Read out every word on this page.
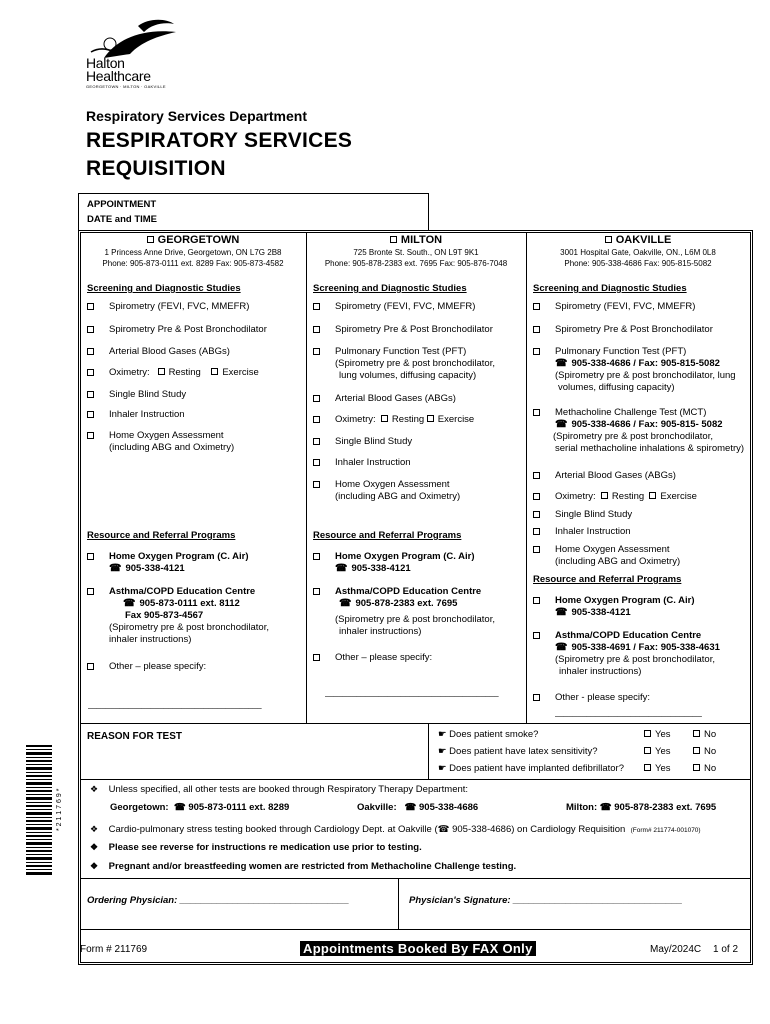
Halton
Healthcare
GEORGETOWN · MILTON · OAKVILLE
Respiratory Services Department
RESPIRATORY SERVICES
REQUISITION
APPOINTMENT
DATE and TIME
GEORGETOWN
1 Princess Anne Drive, Georgetown, ON L7G 2B8
Phone: 905-873-0111 ext. 8289 Fax: 905-873-4582
Screening and Diagnostic Studies
Spirometry (FEVI, FVC, MMEFR)
Spirometry Pre & Post Bronchodilator
Arterial Blood Gases (ABGs)
Oximetry: Resting Exercise
Single Blind Study
Inhaler Instruction
Home Oxygen Assessment
(including ABG and Oximetry)
Resource and Referral Programs
Home Oxygen Program (C. Air)
☎ 905-338-4121
Asthma/COPD Education Centre
☎ 905-873-0111 ext. 8112
Fax 905-873-4567
(Spirometry pre & post bronchodilator,
inhaler instructions)
Other – please specify:
_______________________________________
MILTON
725 Bronte St. South., ON L9T 9K1
Phone: 905-878-2383 ext. 7695 Fax: 905-876-7048
Screening and Diagnostic Studies
Spirometry (FEVI, FVC, MMEFR)
Spirometry Pre & Post Bronchodilator
Pulmonary Function Test (PFT)
(Spirometry pre & post bronchodilator,
lung volumes, diffusing capacity)
Arterial Blood Gases (ABGs)
Oximetry: Resting Exercise
Single Blind Study
Inhaler Instruction
Home Oxygen Assessment
(including ABG and Oximetry)
Resource and Referral Programs
Home Oxygen Program (C. Air)
☎ 905-338-4121
Asthma/COPD Education Centre
☎ 905-878-2383 ext. 7695
(Spirometry pre & post bronchodilator,
inhaler instructions)
Other – please specify:
_______________________________________
OAKVILLE
3001 Hospital Gate, Oakville, ON., L6M 0L8
Phone: 905-338-4686 Fax: 905-815-5082
Screening and Diagnostic Studies
Spirometry (FEVI, FVC, MMEFR)
Spirometry Pre & Post Bronchodilator
Pulmonary Function Test (PFT)
☎ 905-338-4686 / Fax: 905-815-5082
(Spirometry pre & post bronchodilator, lung
volumes, diffusing capacity)
Methacholine Challenge Test (MCT)
☎ 905-338-4686 / Fax: 905-815- 5082
(Spirometry pre & post bronchodilator,
serial methacholine inhalations & spirometry)
Arterial Blood Gases (ABGs)
Oximetry: Resting Exercise
Single Blind Study
Inhaler Instruction
Home Oxygen Assessment
(including ABG and Oximetry)
Resource and Referral Programs
Home Oxygen Program (C. Air)
☎ 905-338-4121
Asthma/COPD Education Centre
☎ 905-338-4691 / Fax: 905-338-4631
(Spirometry pre & post bronchodilator,
inhaler instructions)
Other - please specify:
_________________________________
REASON FOR TEST	☛ Does patient smoke?	Yes	No
☛ Does patient have latex sensitivity?	Yes	No
☛ Does patient have implanted defibrillator?	Yes	No
❖ Unless specified, all other tests are booked through Respiratory Therapy Department:
Georgetown: ☎ 905-873-0111 ext. 8289	Oakville: ☎ 905-338-4686	Milton: ☎ 905-878-2383 ext. 7695
❖ Cardio-pulmonary stress testing booked through Cardiology Dept. at Oakville (☎ 905-338-4686) on Cardiology Requisition (Form# 211774-001070)
❖ Please see reverse for instructions re medication use prior to testing.
❖ Pregnant and/or breastfeeding women are restricted from Methacholine Challenge testing.
Ordering Physician: ________________________________	Physician's Signature: ________________________________
* 2 1 1 7 6 9 *
Form # 211769	Appointments Booked By FAX Only	May/2024C 1 of 2
